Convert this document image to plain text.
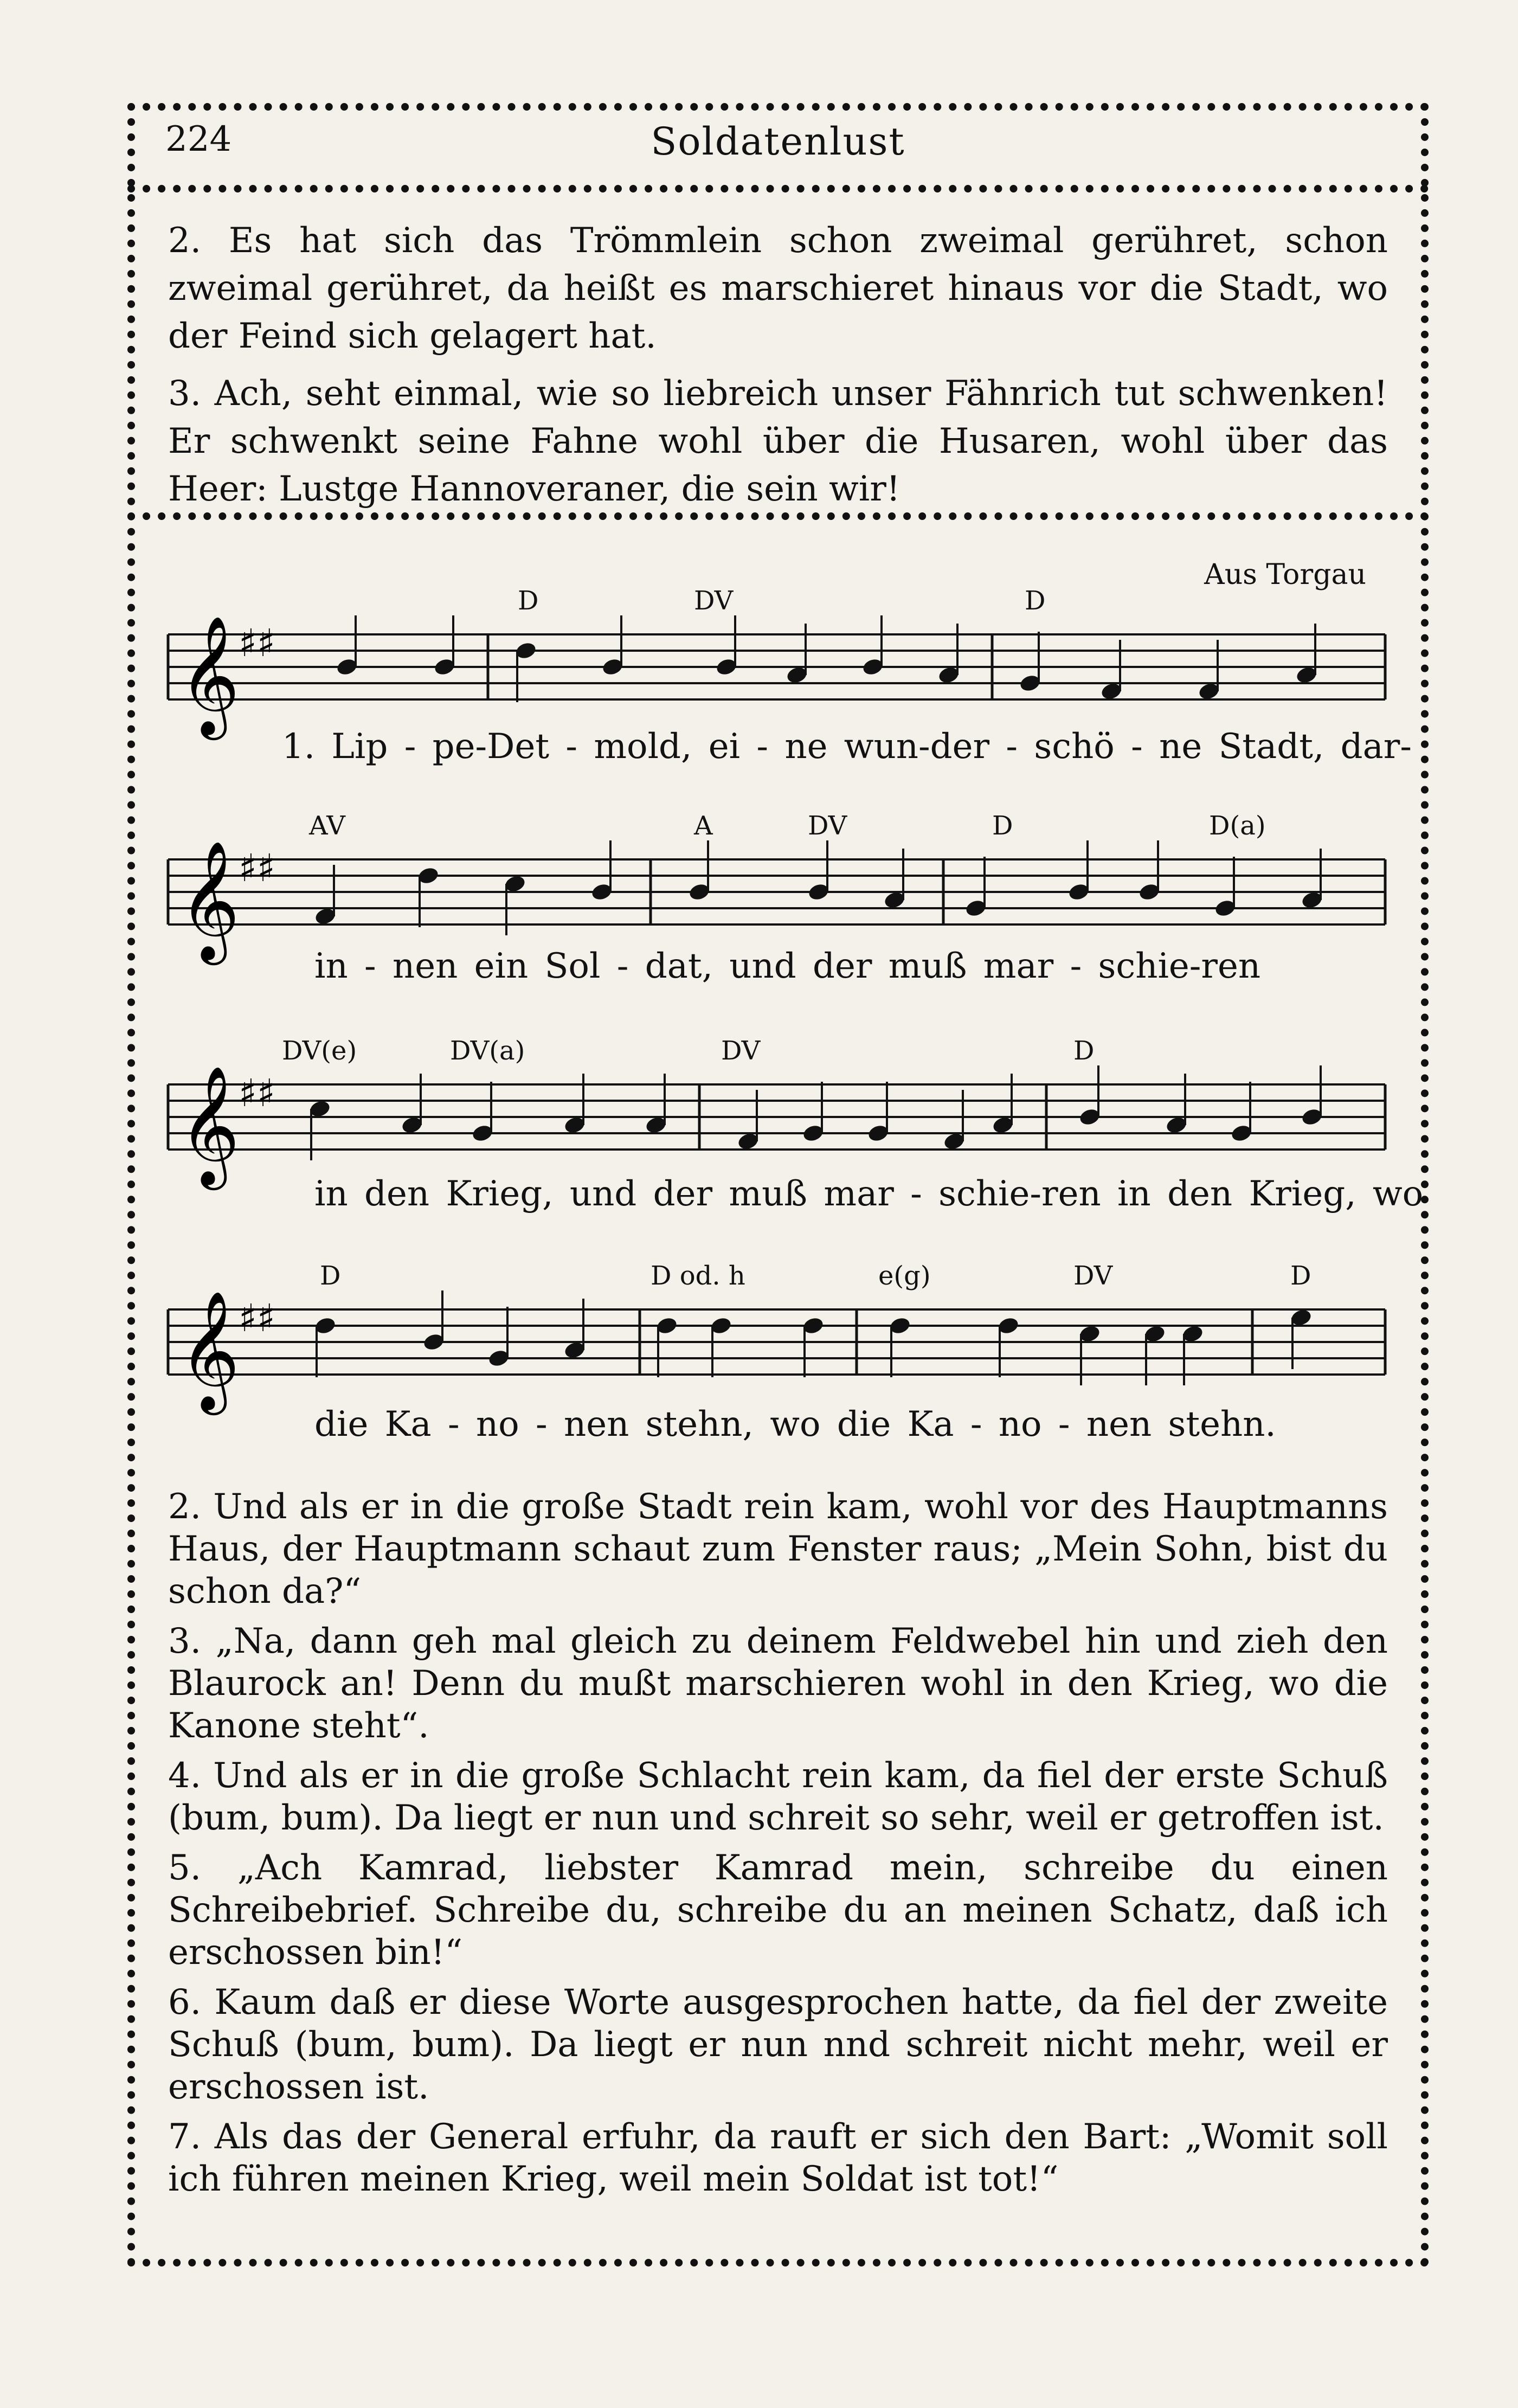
224	Soldatenlust

2. Es hat sich das Trömmlein schon zweimal gerühret, schon zweimal gerühret, da heißt es marschieret hinaus vor die Stadt, wo der Feind sich gelagert hat.

3. Ach, seht einmal, wie so liebreich unser Fähnrich tut schwenken! Er schwenkt seine Fahne wohl über die Husaren, wohl über das Heer: Lustge Hannoveraner, die sein wir!

Aus Torgau
𝄞
♯♯
𝄞
♯♯
𝄞
♯♯
𝄞
♯♯
D	DV	D
AV	A	DV	D	D(a)
DV(e)	DV(a)	DV	D
D	D od. h	e(g)	DV	D
1. Lip - pe-Det - mold, ei - ne wun-der - schö - ne Stadt, dar-
in - nen ein Sol - dat, und der muß mar - schie-ren
in den Krieg, und der muß mar - schie-ren in den Krieg, wo
die Ka - no - nen stehn, wo die Ka - no - nen stehn.

2. Und als er in die große Stadt rein kam, wohl vor des Hauptmanns Haus, der Hauptmann schaut zum Fenster raus; „Mein Sohn, bist du schon da?“

3. „Na, dann geh mal gleich zu deinem Feldwebel hin und zieh den Blaurock an! Denn du mußt marschieren wohl in den Krieg, wo die Kanone steht“.

4. Und als er in die große Schlacht rein kam, da fiel der erste Schuß (bum, bum). Da liegt er nun und schreit so sehr, weil er getroffen ist.

5. „Ach Kamrad, liebster Kamrad mein, schreibe du einen Schreibebrief. Schreibe du, schreibe du an meinen Schatz, daß ich erschossen bin!“

6. Kaum daß er diese Worte ausgesprochen hatte, da fiel der zweite Schuß (bum, bum). Da liegt er nun nnd schreit nicht mehr, weil er erschossen ist.

7. Als das der General erfuhr, da rauft er sich den Bart: „Womit soll ich führen meinen Krieg, weil mein Soldat ist tot!“
